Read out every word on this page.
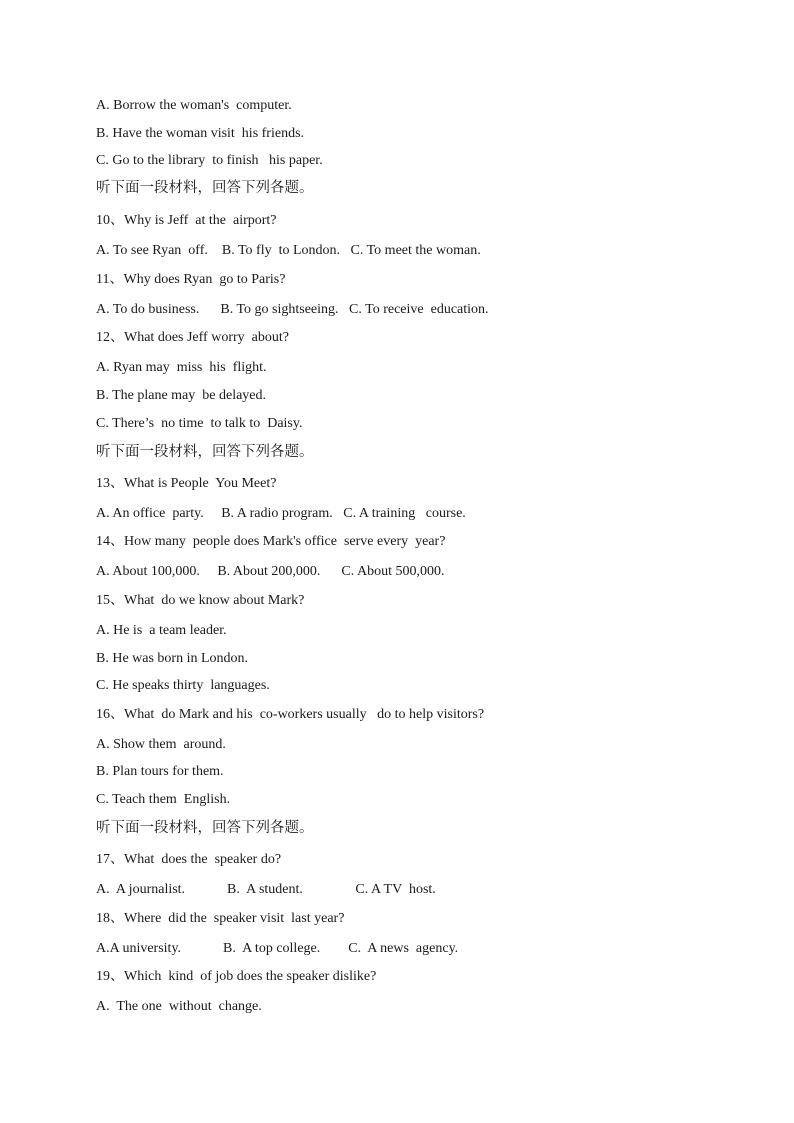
A. Borrow the woman's  computer.
B. Have the woman visit  his friends.
C. Go to the library  to finish   his paper.
听下面一段材料，回答下列各题。
10、Why is Jeff  at the  airport?
A. To see Ryan  off.    B. To fly  to London.   C. To meet the woman.
11、Why does Ryan  go to Paris?
A. To do business.      B. To go sightseeing.   C. To receive  education.
12、What does Jeff worry  about?
A. Ryan may  miss  his  flight.
B. The plane may  be delayed.
C. There’s  no time  to talk to  Daisy.
听下面一段材料，回答下列各题。
13、What is People  You Meet?
A. An office  party.     B. A radio program.   C. A training   course.
14、How many  people does Mark's office  serve every  year?
A. About 100,000.     B. About 200,000.      C. About 500,000.
15、What  do we know about Mark?
A. He is  a team leader.
B. He was born in London.
C. He speaks thirty  languages.
16、What  do Mark and his  co-workers usually   do to help visitors?
A. Show them  around.
B. Plan tours for them.
C. Teach them  English.
听下面一段材料，回答下列各题。
17、What  does the  speaker do?
A.  A journalist.            B.  A student.               C. A TV  host.
18、Where  did the  speaker visit  last year?
A.A university.            B.  A top college.        C.  A news  agency.
19、Which  kind  of job does the speaker dislike?
A.  The one  without  change.
